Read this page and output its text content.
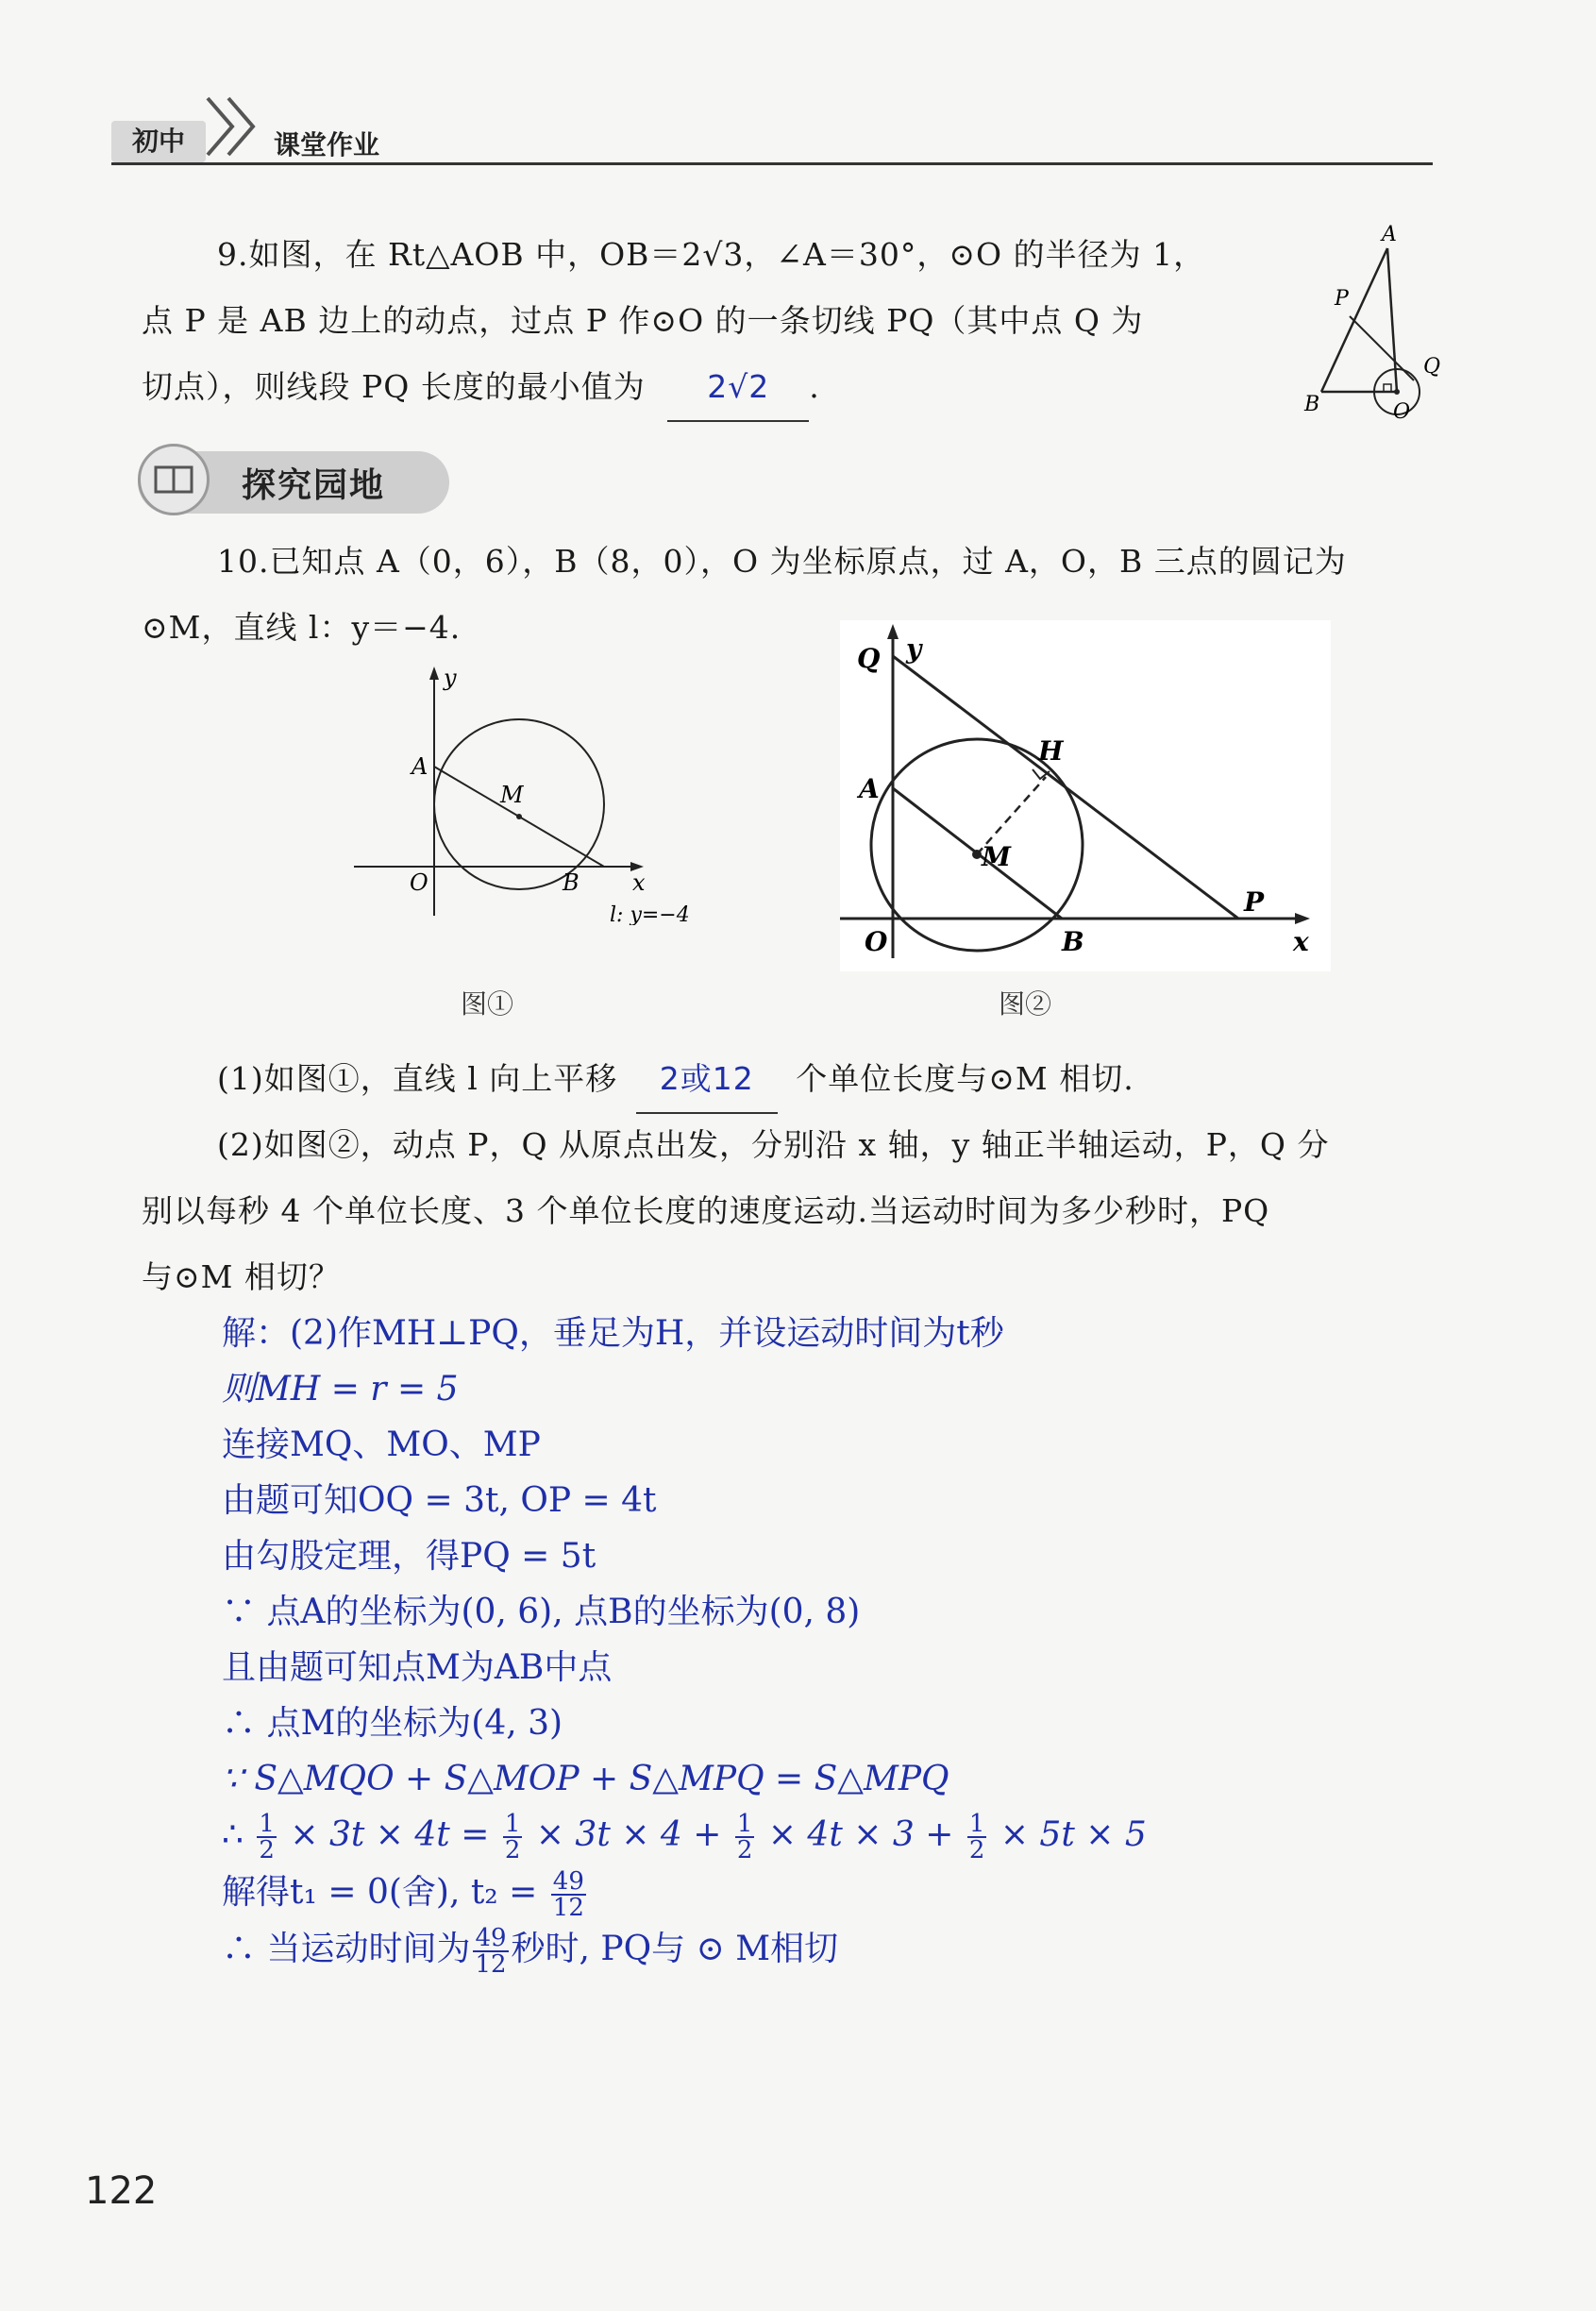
初中	课堂作业
9.如图，在 Rt△AOB 中，OB＝2√3，∠A＝30°，⊙O 的半径为 1，
点 P 是 AB 边上的动点，过点 P 作⊙O 的一条切线 PQ（其中点 Q 为
切点），则线段 PQ 长度的最小值为 2√2 .
A
P
Q
B	O
探究园地
10.已知点 A（0，6），B（8，0），O 为坐标原点，过 A，O，B 三点的圆记为
⊙M，直线 l：y＝−4.
y
A
M
O	B x
l: y=−4
图①
Q y
H
A
M
P
O	B	x
图②
(1)如图①，直线 l 向上平移 2或12 个单位长度与⊙M 相切.
(2)如图②，动点 P，Q 从原点出发，分别沿 x 轴，y 轴正半轴运动，P，Q 分
别以每秒 4 个单位长度、3 个单位长度的速度运动.当运动时间为多少秒时，PQ
与⊙M 相切？
解：(2)作MH⊥PQ，垂足为H，并设运动时间为t秒
则MH = r = 5
连接MQ、MO、MP
由题可知OQ = 3t, OP = 4t
由勾股定理，得PQ = 5t
∵ 点A的坐标为(0, 6), 点B的坐标为(0, 8)
且由题可知点M为AB中点
∴ 点M的坐标为(4, 3)
∵ S△MQO + S△MOP + S△MPQ = S△MPQ
∴ $\frac{1}{2} \times 3t \times 4t = \frac{1}{2} \times 3t \times 4 + \frac{1}{2} \times 4t \times 3 + \frac{1}{2} \times 5t \times 5$
解得t₁ = 0(舍), $t_2 = \frac{49}{12}$
∴ 当运动时间为 $\frac{49}{12}$ 秒时, PQ与 ⊙ M相切
122
